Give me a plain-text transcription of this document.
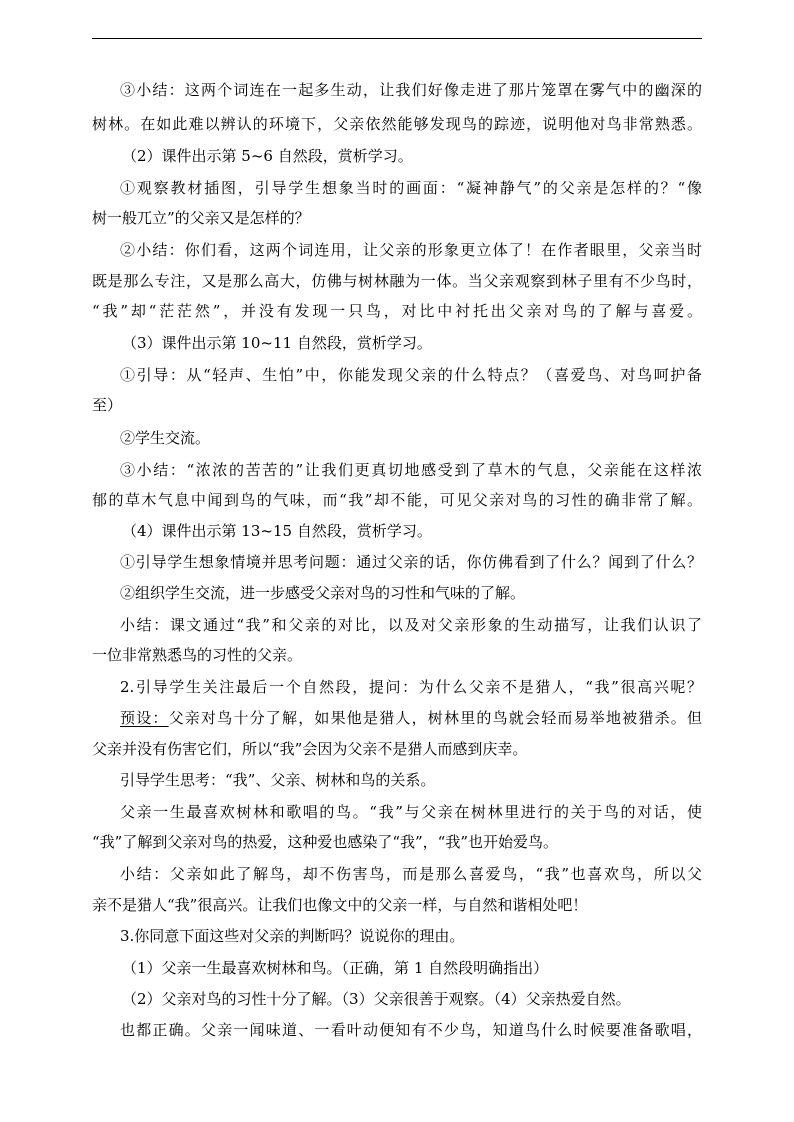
③小结：这两个词连在一起多生动，让我们好像走进了那片笼罩在雾气中的幽深的
树林。在如此难以辨认的环境下，父亲依然能够发现鸟的踪迹，说明他对鸟非常熟悉。
（2）课件出示第 5~6 自然段，赏析学习。
①观察教材插图，引导学生想象当时的画面：“凝神静气”的父亲是怎样的？“像
树一般兀立”的父亲又是怎样的？
②小结：你们看，这两个词连用，让父亲的形象更立体了！在作者眼里，父亲当时
既是那么专注，又是那么高大，仿佛与树林融为一体。当父亲观察到林子里有不少鸟时，
“我”却“茫茫然”，并没有发现一只鸟，对比中衬托出父亲对鸟的了解与喜爱。
（3）课件出示第 10~11 自然段，赏析学习。
①引导：从“轻声、生怕”中，你能发现父亲的什么特点？（喜爱鸟、对鸟呵护备
至）
②学生交流。
③小结：“浓浓的苦苦的”让我们更真切地感受到了草木的气息，父亲能在这样浓
郁的草木气息中闻到鸟的气味，而“我”却不能，可见父亲对鸟的习性的确非常了解。
（4）课件出示第 13~15 自然段，赏析学习。
①引导学生想象情境并思考问题：通过父亲的话，你仿佛看到了什么？闻到了什么？
②组织学生交流，进一步感受父亲对鸟的习性和气味的了解。
小结：课文通过“我”和父亲的对比，以及对父亲形象的生动描写，让我们认识了
一位非常熟悉鸟的习性的父亲。
2.引导学生关注最后一个自然段，提问：为什么父亲不是猎人，“我”很高兴呢？
预设：父亲对鸟十分了解，如果他是猎人，树林里的鸟就会轻而易举地被猎杀。但
父亲并没有伤害它们，所以“我”会因为父亲不是猎人而感到庆幸。
引导学生思考：“我”、父亲、树林和鸟的关系。
父亲一生最喜欢树林和歌唱的鸟。“我”与父亲在树林里进行的关于鸟的对话，使
“我”了解到父亲对鸟的热爱，这种爱也感染了“我”，“我”也开始爱鸟。
小结：父亲如此了解鸟，却不伤害鸟，而是那么喜爱鸟，“我”也喜欢鸟，所以父
亲不是猎人“我”很高兴。让我们也像文中的父亲一样，与自然和谐相处吧！
3.你同意下面这些对父亲的判断吗？说说你的理由。
（1）父亲一生最喜欢树林和鸟。（正确，第 1 自然段明确指出）
（2）父亲对鸟的习性十分了解。（3）父亲很善于观察。（4）父亲热爱自然。
也都正确。父亲一闻味道、一看叶动便知有不少鸟，知道鸟什么时候要准备歌唱，
